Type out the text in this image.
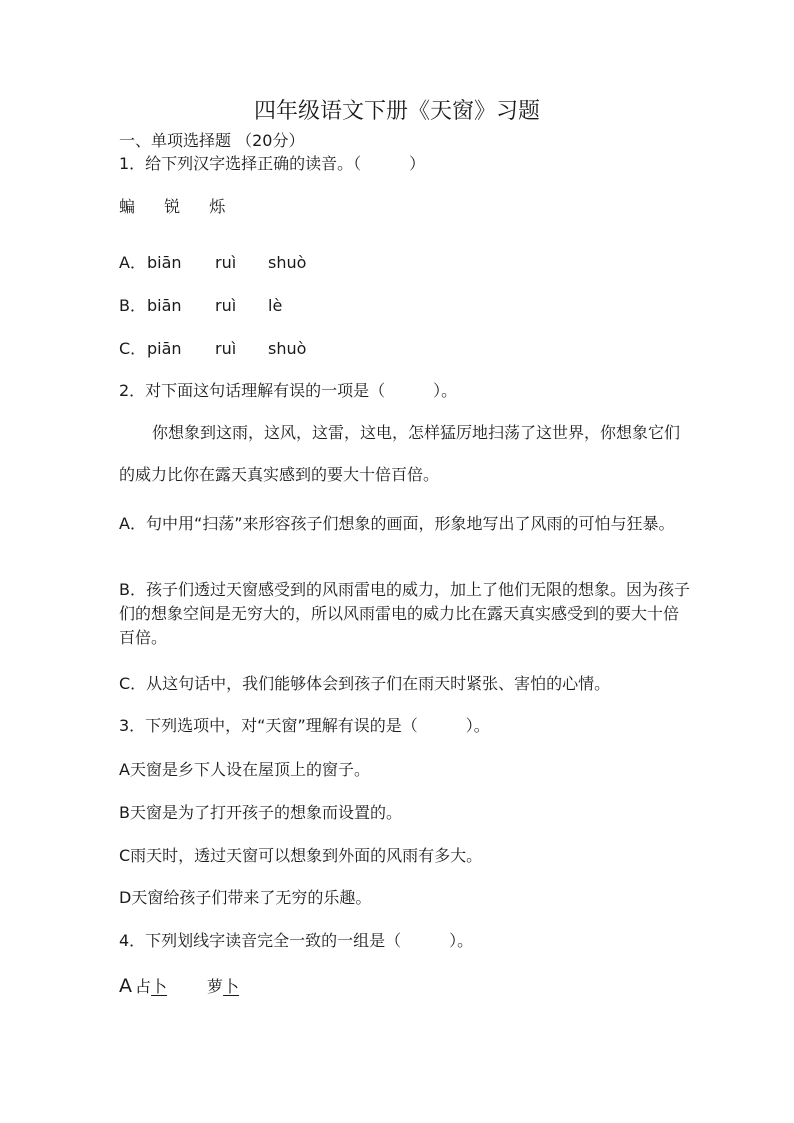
四年级语文下册《天窗》习题
一、单项选择题 （20分）
1．给下列汉字选择正确的读音。（　　　）
蝙 锐 烁
A．biān ruì shuò
B．biān ruì lè
C．piān ruì shuò
2．对下面这句话理解有误的一项是（　　　）。
你想象到这雨，这风，这雷，这电，怎样猛厉地扫荡了这世界，你想象它们的威力比你在露天真实感到的要大十倍百倍。
A．句中用“扫荡”来形容孩子们想象的画面，形象地写出了风雨的可怕与狂暴。
B．孩子们透过天窗感受到的风雨雷电的威力，加上了他们无限的想象。因为孩子们的想象空间是无穷大的，所以风雨雷电的威力比在露天真实感受到的要大十倍百倍。
C．从这句话中，我们能够体会到孩子们在雨天时紧张、害怕的心情。
3．下列选项中，对“天窗”理解有误的是（　　　）。
A天窗是乡下人设在屋顶上的窗子。
B天窗是为了打开孩子的想象而设置的。
C雨天时，透过天窗可以想象到外面的风雨有多大。
D天窗给孩子们带来了无穷的乐趣。
4．下列划线字读音完全一致的一组是（　　　）。
A 占卜	萝卜
